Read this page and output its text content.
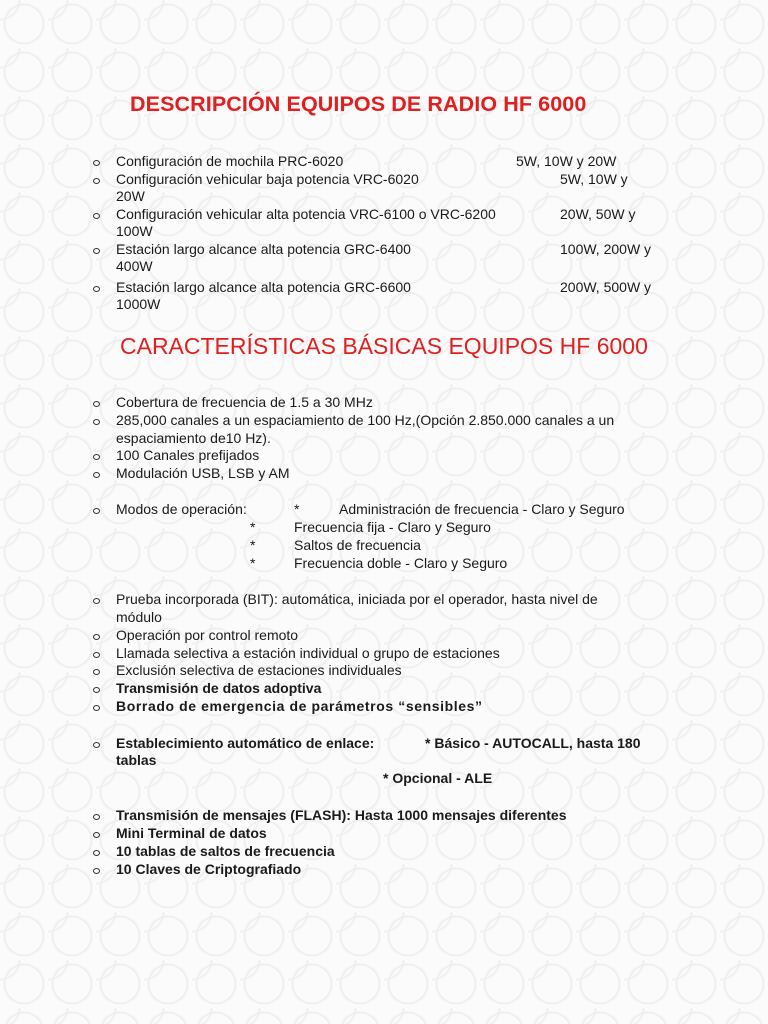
DESCRIPCIÓN EQUIPOS DE RADIO HF 6000
Configuración de mochila PRC-6020	5W, 10W y 20W
Configuración vehicular baja potencia VRC-6020	5W, 10W y
20W
Configuración vehicular alta potencia VRC-6100 o VRC-6200	20W, 50W y
100W
Estación largo alcance alta potencia GRC-6400	100W, 200W y
400W
Estación largo alcance alta potencia GRC-6600	200W, 500W y
1000W
CARACTERÍSTICAS BÁSICAS EQUIPOS HF 6000
Cobertura de frecuencia de 1.5 a 30 MHz
285,000 canales a un espaciamiento de 100 Hz,(Opción 2.850.000 canales a un
espaciamiento de10 Hz).
100 Canales prefijados
Modulación USB, LSB y AM
Modos de operación:	*	Administración de frecuencia - Claro y Seguro
*	Frecuencia fija - Claro y Seguro
*	Saltos de frecuencia
*	Frecuencia doble - Claro y Seguro
Prueba incorporada (BIT): automática, iniciada por el operador, hasta nivel de
módulo
Operación por control remoto
Llamada selectiva a estación individual o grupo de estaciones
Exclusión selectiva de estaciones individuales
Transmisión de datos adoptiva
Borrado de emergencia de parámetros “sensibles”
Establecimiento automático de enlace:	* Básico - AUTOCALL, hasta 180
tablas
* Opcional - ALE
Transmisión de mensajes (FLASH): Hasta 1000 mensajes diferentes
Mini Terminal de datos
10 tablas de saltos de frecuencia
10 Claves de Criptografiado
